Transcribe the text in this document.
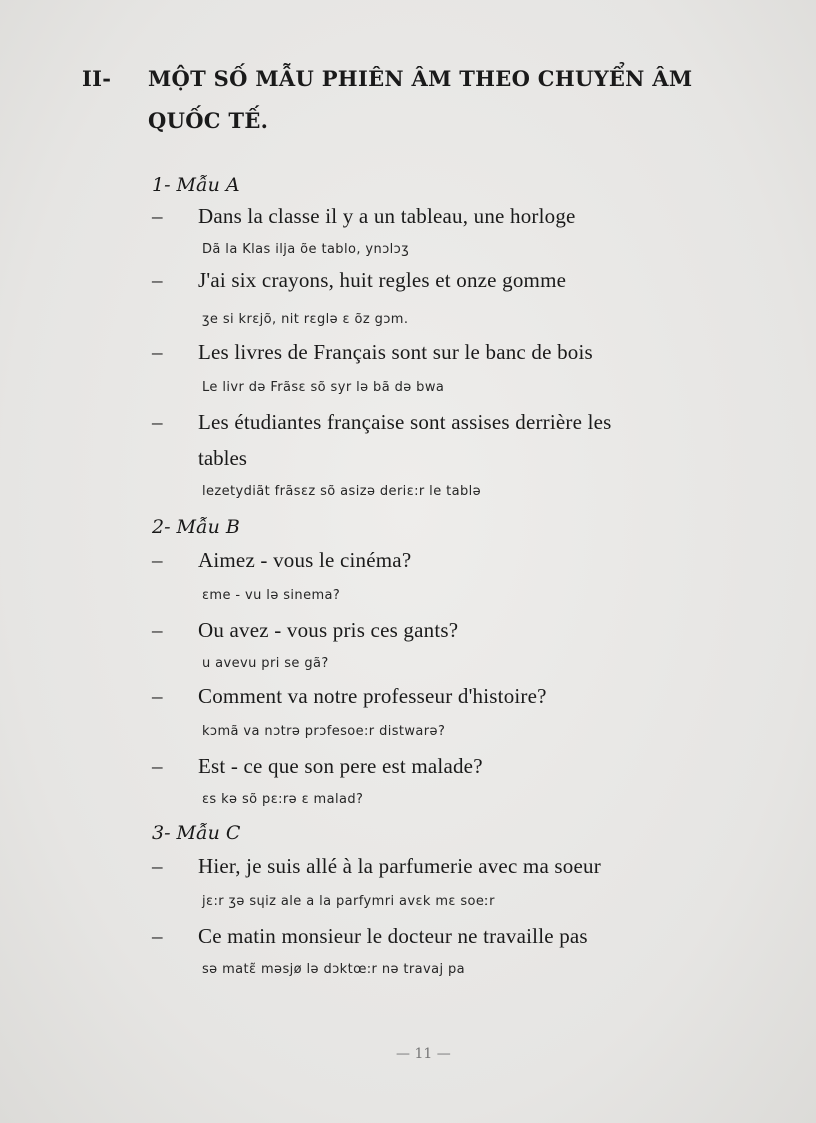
II- MỘT SỐ MẪU PHIÊN ÂM THEO CHUYỂN ÂM QUỐC TẾ.
1- Mẫu A
– Dans la classe il y a un tableau, une horloge
Dã la Klas ilja õe tablo, ynɔlɔʒ
– J'ai six crayons, huit regles et onze gomme
ʒe si krɛjõ, nit rɛglə ɛ õz gɔm.
– Les livres de Français sont sur le banc de bois
Le livr də Frãsɛ sõ syr lə bã də bwa
– Les étudiantes française sont assises derrière les
tables
lezetydiãt frãsɛz sõ asizə deriɛ:r le tablə
2- Mẫu B
– Aimez - vous le cinéma?
ɛme - vu lə sinema?
– Ou avez - vous pris ces gants?
u avevu pri se gã?
– Comment va notre professeur d'histoire?
kɔmã va nɔtrə prɔfesoe:r distwarə?
– Est - ce que son pere est malade?
ɛs kə sõ pɛ:rə ɛ malad?
3- Mẫu C
– Hier, je suis allé à la parfumerie avec ma soeur
jɛ:r ʒə sɥiz ale a la parfymri avɛk mɛ soeːr
– Ce matin monsieur le docteur ne travaille pas
sə matɛ̃ məsjø lə dɔktœ:r nə travaj pa
— 11 —
